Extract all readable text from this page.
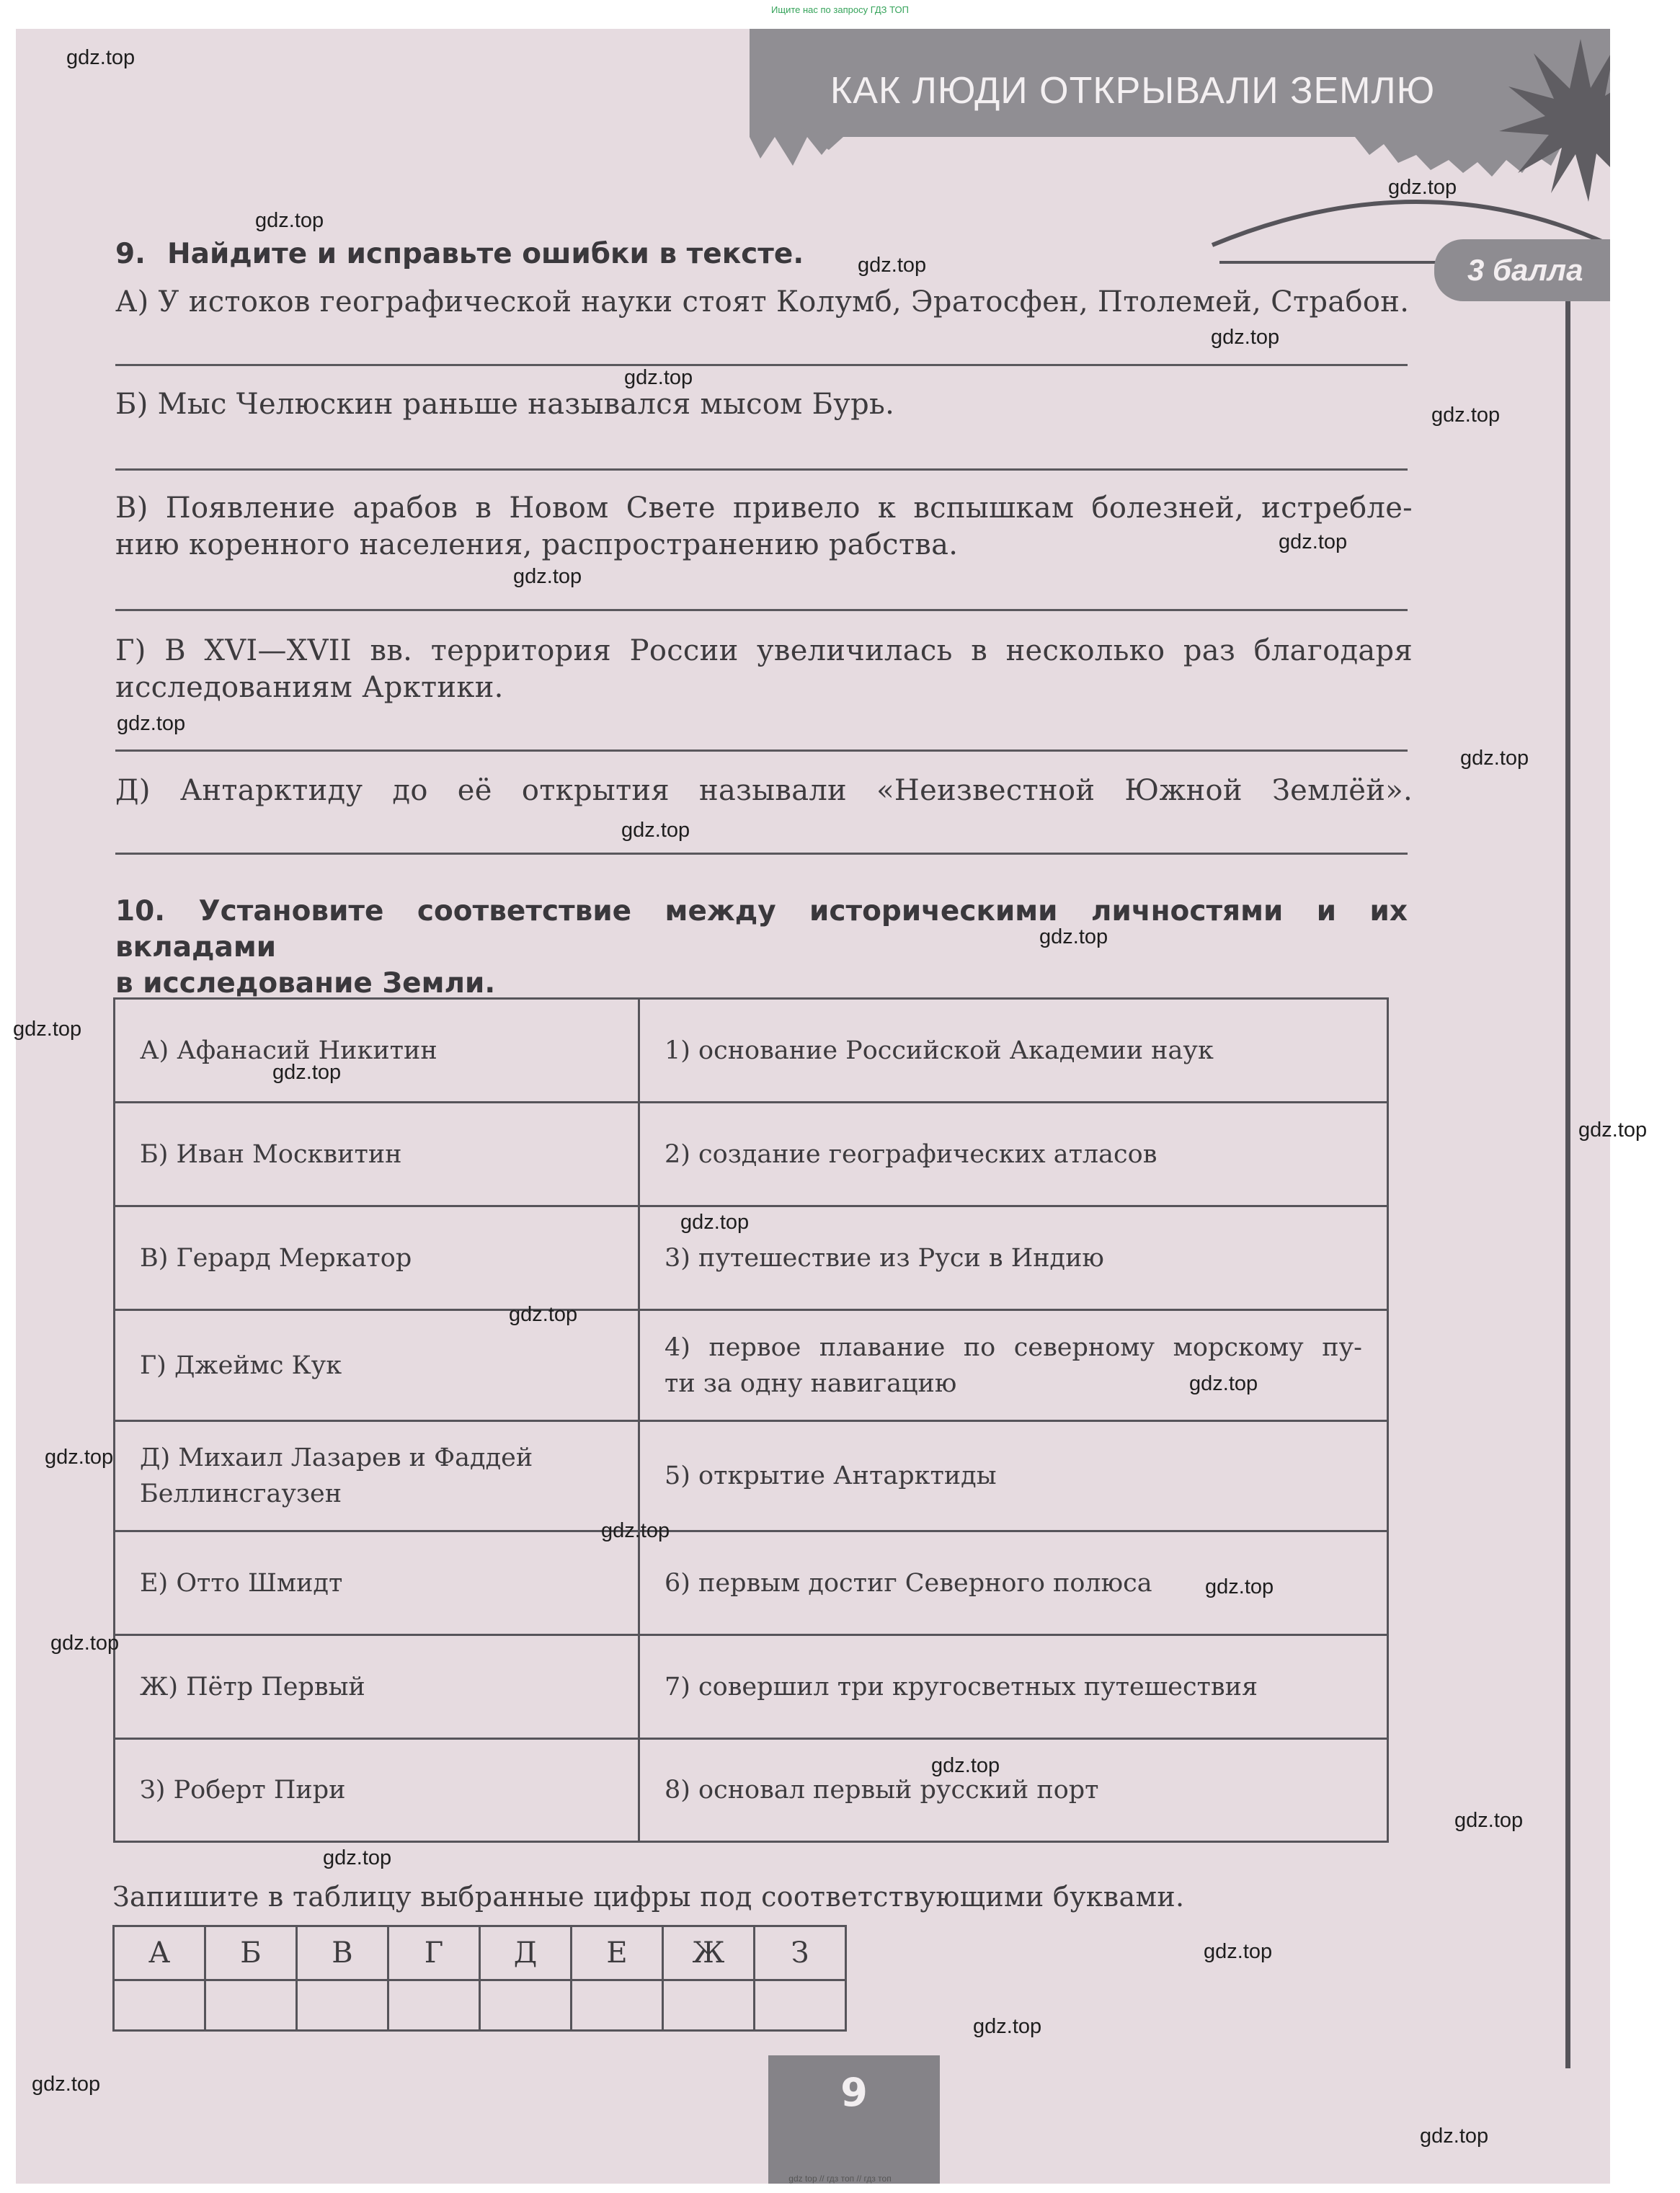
Ищите нас по запросу ГДЗ ТОП
КАК ЛЮДИ ОТКРЫВАЛИ ЗЕМЛЮ
9. Найдите и исправьте ошибки в тексте.	3 балла
А) У истоков географической науки стоят Колумб, Эратосфен, Птолемей, Страбон.
Б) Мыс Челюскин раньше назывался мысом Бурь.
В) Появление арабов в Новом Свете привело к вспышкам болезней, истребле-
нию коренного населения, распространению рабства.
Г) В XVI—XVII вв. территория России увеличилась в несколько раз благодаря
исследованиям Арктики.
Д) Антарктиду до её открытия называли «Неизвестной Южной Землёй».
10. Установите соответствие между историческими личностями и их вкладами
в исследование Земли.
А) Афанасий Никитин	1) основание Российской Академии наук
Б) Иван Москвитин	2) создание географических атласов
В) Герард Меркатор	3) путешествие из Руси в Индию
Г) Джеймс Кук	4) первое плавание по северному морскому пу-
ти за одну навигацию

Д) Михаил Лазарев и Фаддей
Беллинсгаузен	5) открытие Антарктиды
Е) Отто Шмидт	6) первым достиг Северного полюса
Ж) Пётр Первый	7) совершил три кругосветных путешествия
З) Роберт Пири	8) основал первый русский порт
Запишите в таблицу выбранные цифры под соответствующими буквами.
А	Б	В	Г	Д	Е	Ж	З

9
gdz.top
gdz.top
gdz.top
gdz.top
gdz.top
gdz.top
gdz.top
gdz.top
gdz.top
gdz.top
gdz.top
gdz.top
gdz.top
gdz.top
gdz.top
gdz.top
gdz.top
gdz.top
gdz.top
gdz.top
gdz.top
gdz.top
gdz.top
gdz.top
gdz.top
gdz.top
gdz.top
gdz.top
gdz.top
gdz.top
gdz top // гдз топ // гдз топ
